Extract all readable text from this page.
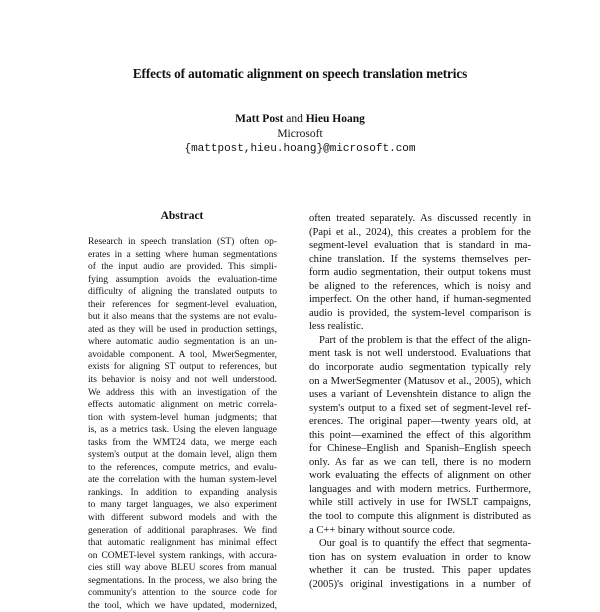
Effects of automatic alignment on speech translation metrics
Matt Post and Hieu Hoang
Microsoft
{mattpost,hieu.hoang}@microsoft.com
Abstract
Research in speech translation (ST) often op-
erates in a setting where human segmentations
of the input audio are provided. This simpli-
fying assumption avoids the evaluation-time
difficulty of aligning the translated outputs to
their references for segment-level evaluation,
but it also means that the systems are not evalu-
ated as they will be used in production settings,
where automatic audio segmentation is an un-
avoidable component. A tool, MwerSegmenter,
exists for aligning ST output to references, but
its behavior is noisy and not well understood.
We address this with an investigation of the
effects automatic alignment on metric correla-
tion with system-level human judgments; that
is, as a metrics task. Using the eleven language
tasks from the WMT24 data, we merge each
system's output at the domain level, align them
to the references, compute metrics, and evalu-
ate the correlation with the human system-level
rankings. In addition to expanding analysis
to many target languages, we also experiment
with different subword models and with the
generation of additional paraphrases. We find
that automatic realignment has minimal effect
on COMET-level system rankings, with accura-
cies still way above BLEU scores from manual
segmentations. In the process, we also bring the
community's attention to the source code for
the tool, which we have updated, modernized,
often treated separately. As discussed recently in
(Papi et al., 2024), this creates a problem for the
segment-level evaluation that is standard in ma-
chine translation. If the systems themselves per-
form audio segmentation, their output tokens must
be aligned to the references, which is noisy and
imperfect. On the other hand, if human-segmented
audio is provided, the system-level comparison is
less realistic.
Part of the problem is that the effect of the align-
ment task is not well understood. Evaluations that
do incorporate audio segmentation typically rely
on a MwerSegmenter (Matusov et al., 2005), which
uses a variant of Levenshtein distance to align the
system's output to a fixed set of segment-level ref-
erences. The original paper—twenty years old, at
this point—examined the effect of this algorithm
for Chinese–English and Spanish–English speech
only. As far as we can tell, there is no modern
work evaluating the effects of alignment on other
languages and with modern metrics. Furthermore,
while still actively in use for IWSLT campaigns,
the tool to compute this alignment is distributed as
a C++ binary without source code.
Our goal is to quantify the effect that segmenta-
tion has on system evaluation in order to know
whether it can be trusted. This paper updates
(2005)'s original investigations in a number of
